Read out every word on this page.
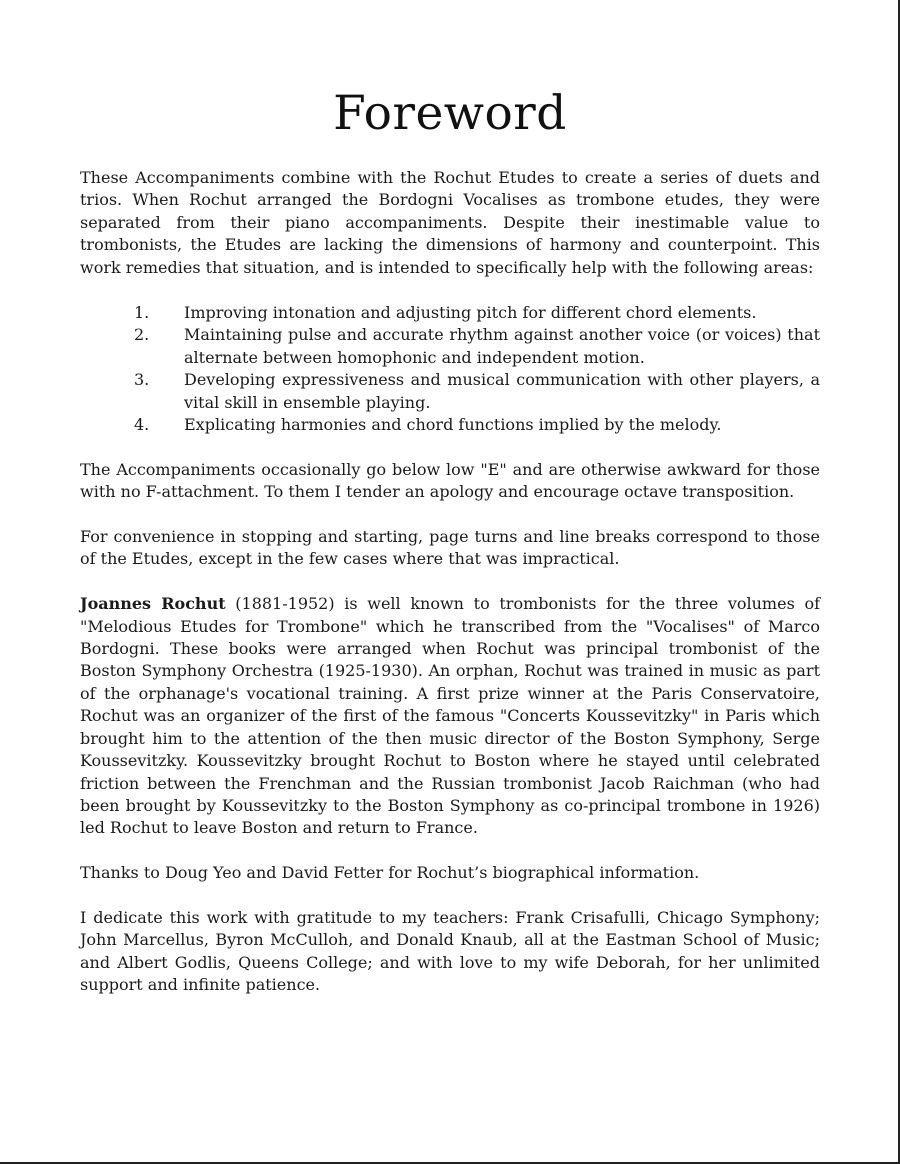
Foreword

These Accompaniments combine with the Rochut Etudes to create a series of duets and trios. When Rochut arranged the Bordogni Vocalises as trombone etudes, they were separated from their piano accompaniments. Despite their inestimable value to trombonists, the Etudes are lacking the dimensions of harmony and counterpoint. This work remedies that situation, and is intended to specifically help with the following areas:

1.	Improving intonation and adjusting pitch for different chord elements.
2.	Maintaining pulse and accurate rhythm against another voice (or voices) that alternate between homophonic and independent motion.
3.	Developing expressiveness and musical communication with other players, a vital skill in ensemble playing.
4.	Explicating harmonies and chord functions implied by the melody.

The Accompaniments occasionally go below low "E" and are otherwise awkward for those with no F-attachment. To them I tender an apology and encourage octave transposition.

For convenience in stopping and starting, page turns and line breaks correspond to those of the Etudes, except in the few cases where that was impractical.

Joannes Rochut (1881-1952) is well known to trombonists for the three volumes of "Melodious Etudes for Trombone" which he transcribed from the "Vocalises" of Marco Bordogni. These books were arranged when Rochut was principal trombonist of the Boston Symphony Orchestra (1925-1930). An orphan, Rochut was trained in music as part of the orphanage's vocational training. A first prize winner at the Paris Conservatoire, Rochut was an organizer of the first of the famous "Concerts Koussevitzky" in Paris which brought him to the attention of the then music director of the Boston Symphony, Serge Koussevitzky. Koussevitzky brought Rochut to Boston where he stayed until celebrated friction between the Frenchman and the Russian trombonist Jacob Raichman (who had been brought by Koussevitzky to the Boston Symphony as co-principal trombone in 1926) led Rochut to leave Boston and return to France.

Thanks to Doug Yeo and David Fetter for Rochut’s biographical information.

I dedicate this work with gratitude to my teachers: Frank Crisafulli, Chicago Symphony; John Marcellus, Byron McCulloh, and Donald Knaub, all at the Eastman School of Music; and Albert Godlis, Queens College; and with love to my wife Deborah, for her unlimited support and infinite patience.
